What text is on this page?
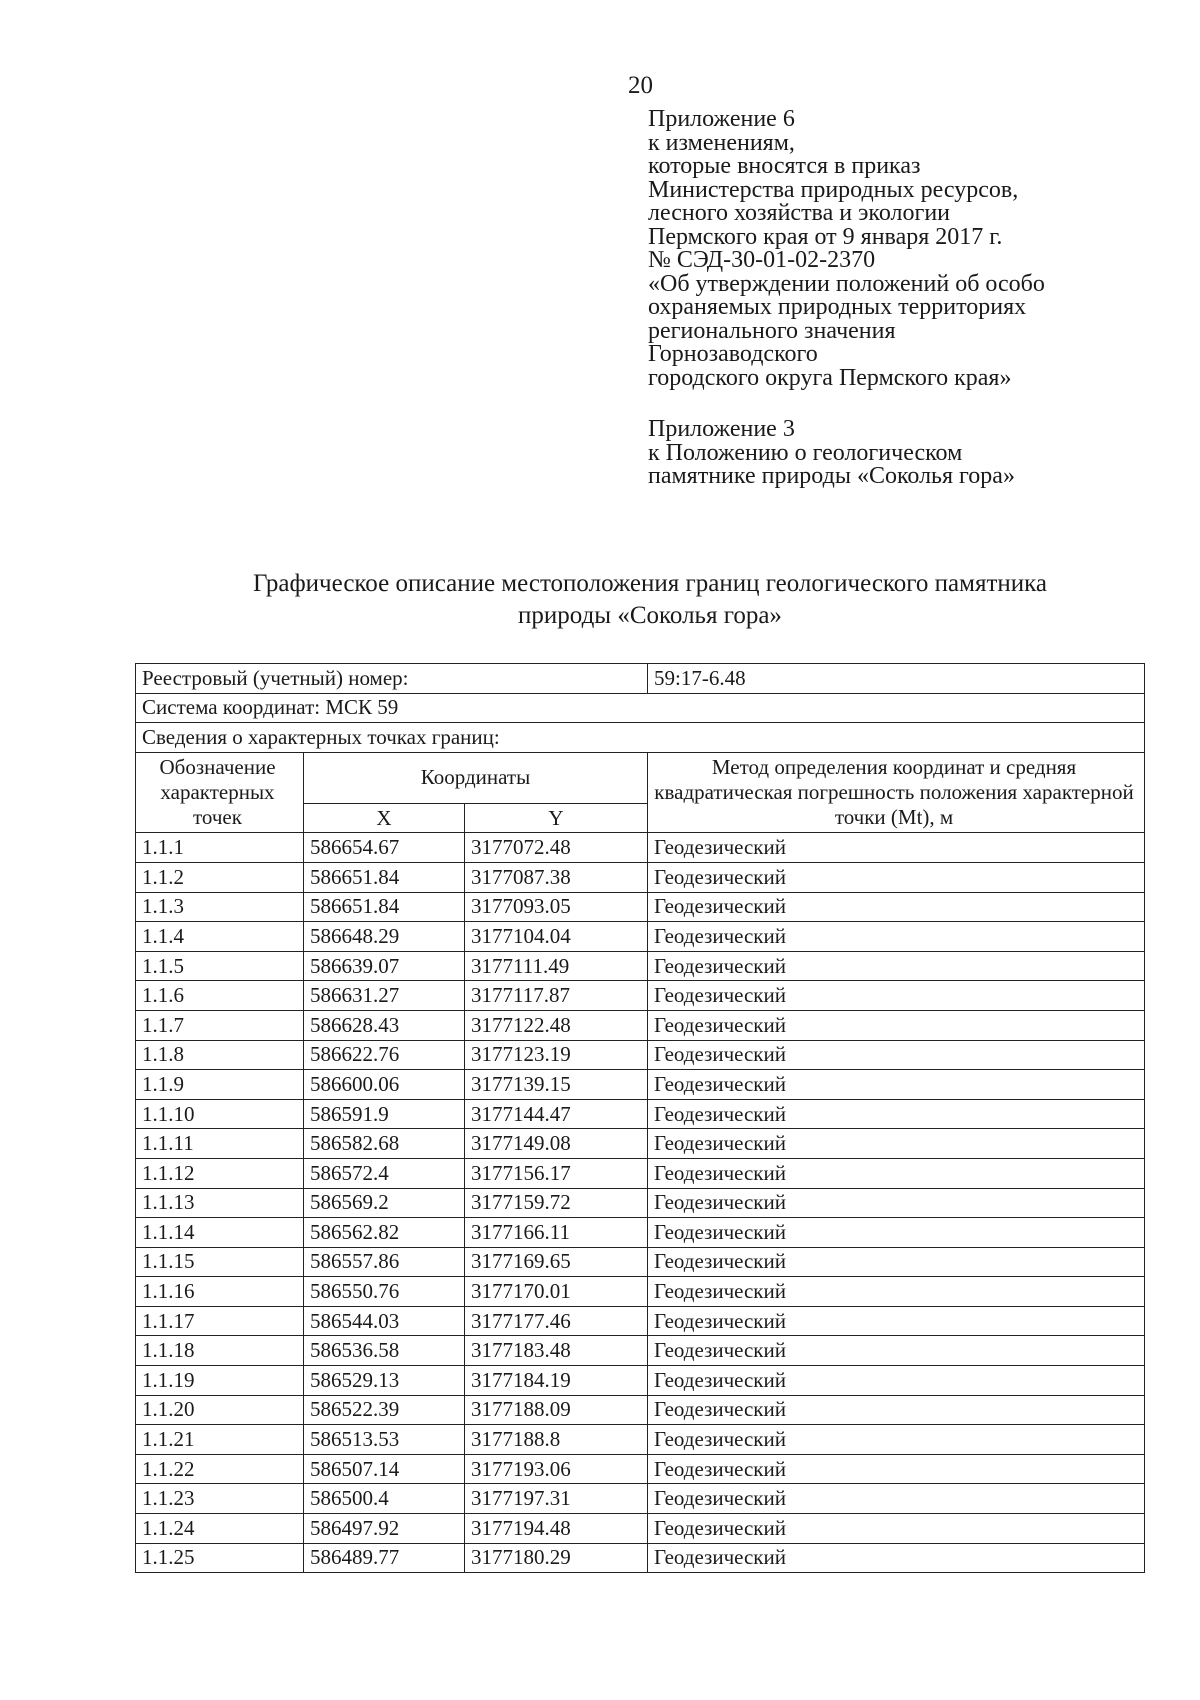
20
Приложение 6
к изменениям,
которые вносятся в приказ
Министерства природных ресурсов,
лесного хозяйства и экологии
Пермского края от 9 января 2017 г.
№ СЭД-30-01-02-2370
«Об утверждении положений об особо
охраняемых природных территориях
регионального значения
Горнозаводского
городского округа Пермского края»
Приложение 3
к Положению о геологическом
памятнике природы «Соколья гора»
Графическое описание местоположения границ геологического памятника
природы «Соколья гора»
Реестровый (учетный) номер:			59:17-6.48
Система координат: МСК 59			
Сведения о характерных точках границ:			
Обозначение характерных точек	Координаты		Метод определения координат и средняя квадратическая погрешность положения характерной точки (Mt), м
	X	Y	
1.1.1	586654.67	3177072.48	Геодезический
1.1.2	586651.84	3177087.38	Геодезический
1.1.3	586651.84	3177093.05	Геодезический
1.1.4	586648.29	3177104.04	Геодезический
1.1.5	586639.07	3177111.49	Геодезический
1.1.6	586631.27	3177117.87	Геодезический
1.1.7	586628.43	3177122.48	Геодезический
1.1.8	586622.76	3177123.19	Геодезический
1.1.9	586600.06	3177139.15	Геодезический
1.1.10	586591.9	3177144.47	Геодезический
1.1.11	586582.68	3177149.08	Геодезический
1.1.12	586572.4	3177156.17	Геодезический
1.1.13	586569.2	3177159.72	Геодезический
1.1.14	586562.82	3177166.11	Геодезический
1.1.15	586557.86	3177169.65	Геодезический
1.1.16	586550.76	3177170.01	Геодезический
1.1.17	586544.03	3177177.46	Геодезический
1.1.18	586536.58	3177183.48	Геодезический
1.1.19	586529.13	3177184.19	Геодезический
1.1.20	586522.39	3177188.09	Геодезический
1.1.21	586513.53	3177188.8	Геодезический
1.1.22	586507.14	3177193.06	Геодезический
1.1.23	586500.4	3177197.31	Геодезический
1.1.24	586497.92	3177194.48	Геодезический
1.1.25	586489.77	3177180.29	Геодезический
